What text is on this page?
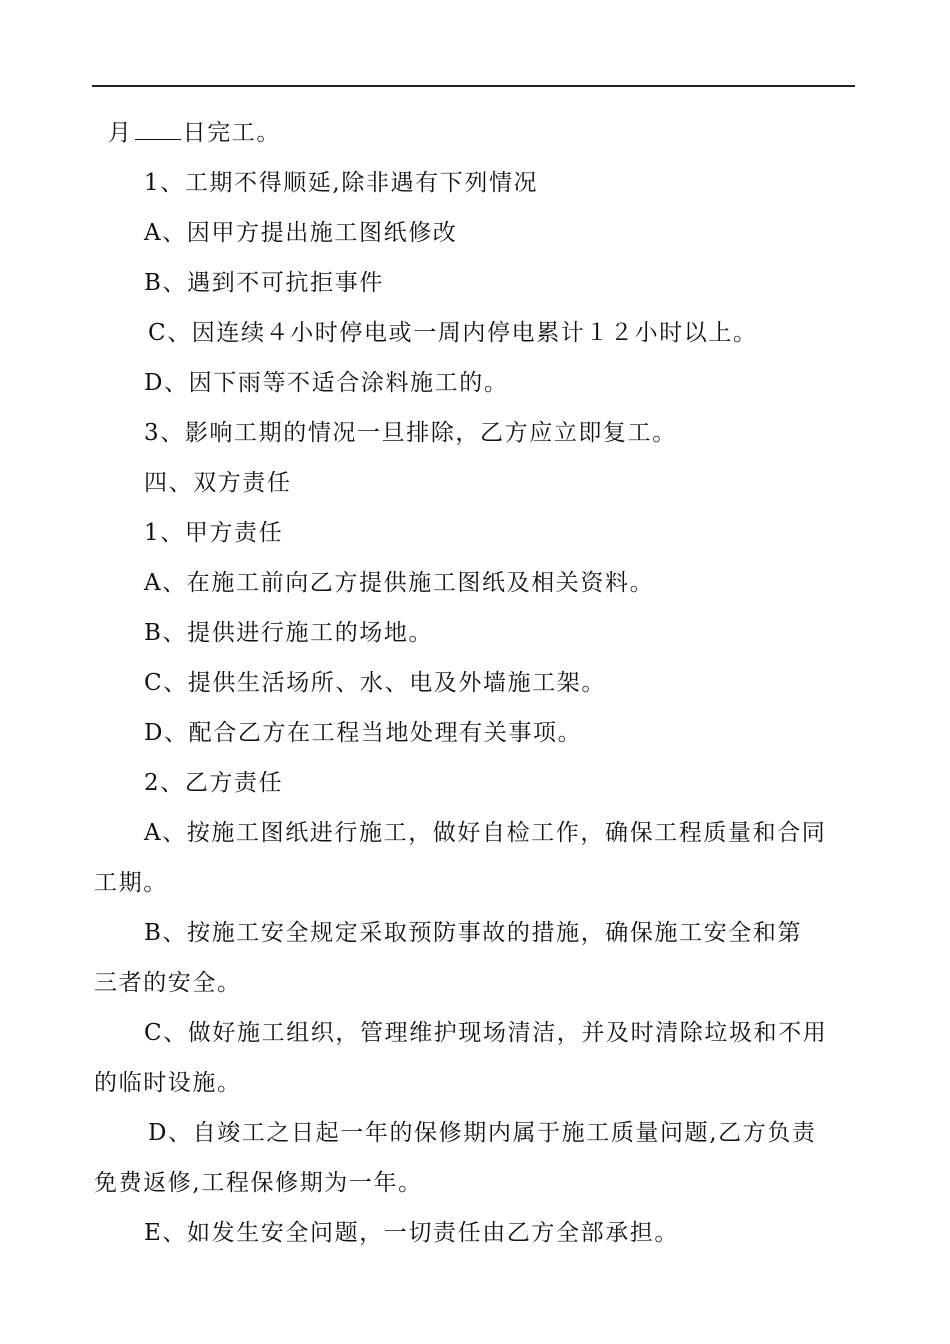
月 日完工。
1、工期不得顺延,除非遇有下列情况
A、因甲方提出施工图纸修改
B、遇到不可抗拒事件
C、因连续４小时停电或一周内停电累计１２小时以上。
D、因下雨等不适合涂料施工的。
3、影响工期的情况一旦排除，乙方应立即复工。
四、双方责任
1、甲方责任
A、在施工前向乙方提供施工图纸及相关资料。
B、提供进行施工的场地。
C、提供生活场所、水、电及外墙施工架。
D、配合乙方在工程当地处理有关事项。
2、乙方责任
A、按施工图纸进行施工，做好自检工作，确保工程质量和合同
工期。
B、按施工安全规定采取预防事故的措施，确保施工安全和第
三者的安全。
C、做好施工组织，管理维护现场清洁，并及时清除垃圾和不用
的临时设施。
D、自竣工之日起一年的保修期内属于施工质量问题,乙方负责
免费返修,工程保修期为一年。
E、如发生安全问题，一切责任由乙方全部承担。
